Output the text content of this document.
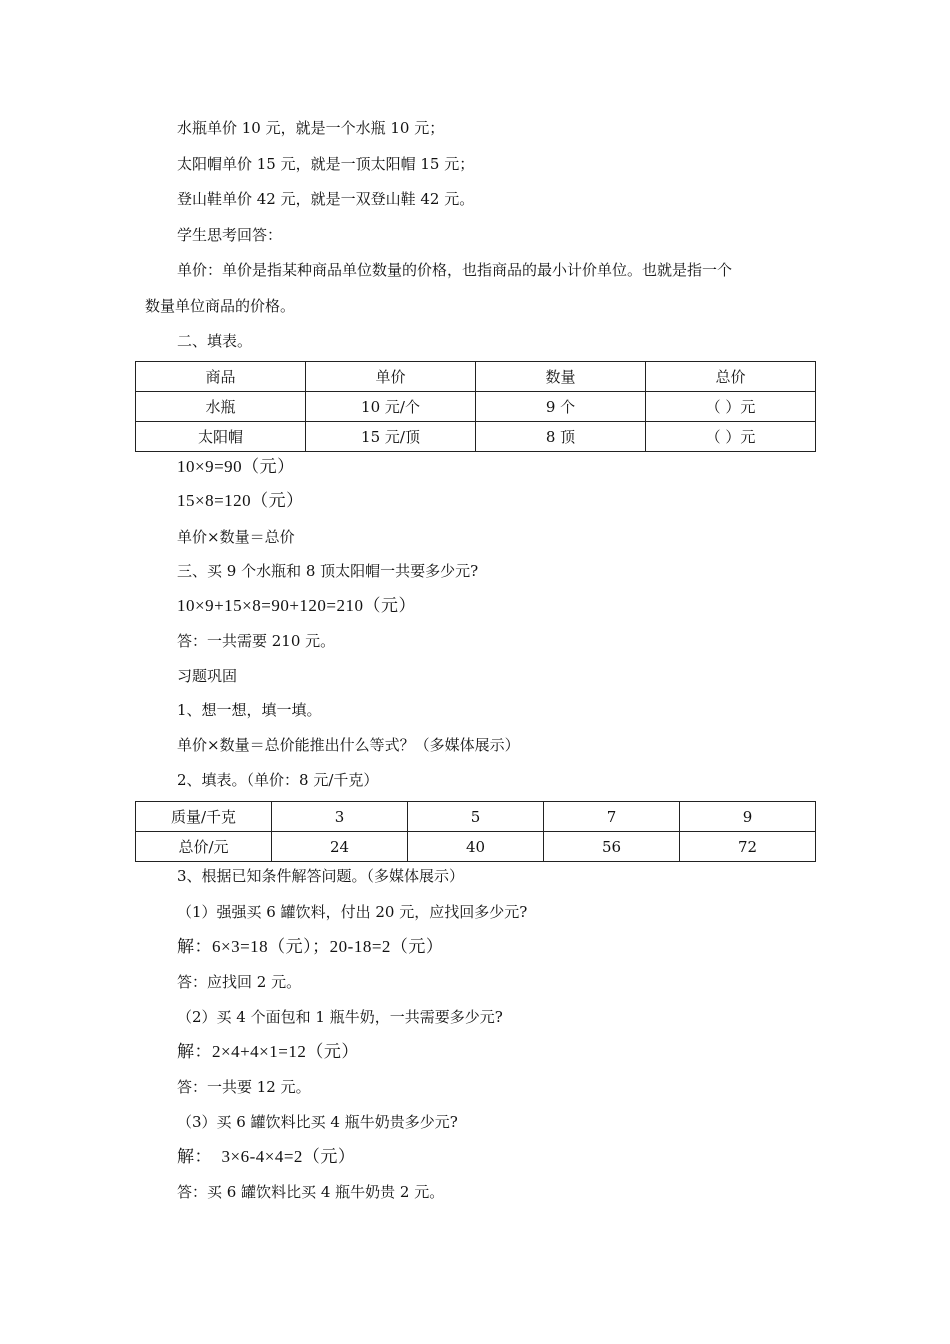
水瓶单价 10 元，就是一个水瓶 10 元；
太阳帽单价 15 元，就是一顶太阳帽 15 元；
登山鞋单价 42 元，就是一双登山鞋 42 元。
学生思考回答：
单价：单价是指某种商品单位数量的价格，也指商品的最小计价单位。也就是指一个
数量单位商品的价格。
二、填表。
商品	单价	数量	总价
水瓶	10 元/个	9 个	（ ）元
太阳帽	15 元/顶	8 顶	（ ）元
10×9=90（元）
15×8=120（元）
单价×数量＝总价
三、买 9 个水瓶和 8 顶太阳帽一共要多少元?
10×9+15×8=90+120=210（元）
答：一共需要 210 元。
习题巩固
1、想一想，填一填。
单价×数量＝总价能推出什么等式？（多媒体展示）
2、填表。（单价：8 元/千克）
质量/千克	3	5	7	9
总价/元	24	40	56	72
3、根据已知条件解答问题。（多媒体展示）
（1）强强买 6 罐饮料，付出 20 元，应找回多少元?
解：6×3=18（元）；20-18=2（元）
答：应找回 2 元。
（2）买 4 个面包和 1 瓶牛奶，一共需要多少元?
解：2×4+4×1=12（元）
答：一共要 12 元。
（3）买 6 罐饮料比买 4 瓶牛奶贵多少元?
解：  3×6-4×4=2（元）
答：买 6 罐饮料比买 4 瓶牛奶贵 2 元。
